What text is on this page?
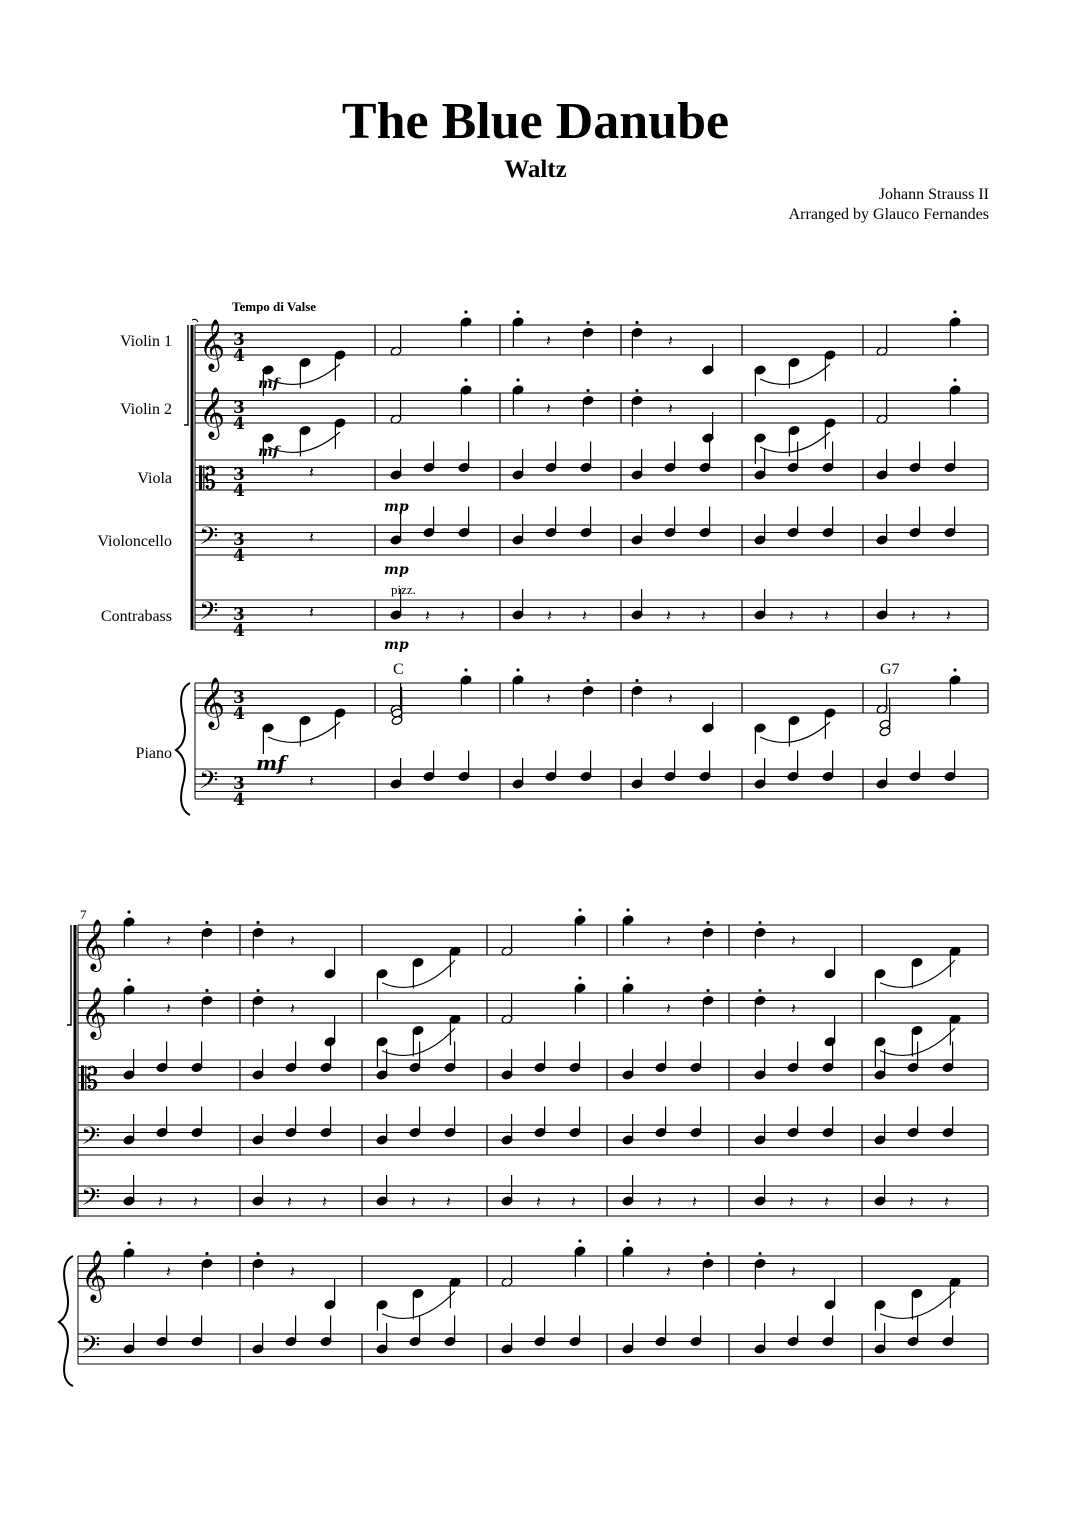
The Blue Danube
Waltz
Johann Strauss II
Arranged by Glauco Fernandes
𝄞
𝄞
𝄡
𝄢
𝄢
𝄞
𝄢
𝄞
𝄞
𝄡
𝄢
𝄢
𝄞
𝄢
𝄽	𝄽
𝄽	𝄽
𝄽	𝄽
𝄽
𝄽
𝄽
𝄽	𝄽 𝄽	𝄽 𝄽	𝄽 𝄽	𝄽 𝄽	𝄽 𝄽
𝄽	𝄽	𝄽	𝄽
𝄽	𝄽	𝄽	𝄽
𝄽	𝄽	𝄽	𝄽
𝄽 𝄽	𝄽 𝄽	𝄽 𝄽	𝄽 𝄽	𝄽 𝄽	𝄽 𝄽	𝄽 𝄽
Tempo di Valse
Violin 1
Violin 2
Viola
Violoncello
Contrabass
Piano
3
4
3
4
3
4
3
4
3
4
3
4
3
4
mf
mf
mp
mp
pizz.
mp
mf
C	G7
7
